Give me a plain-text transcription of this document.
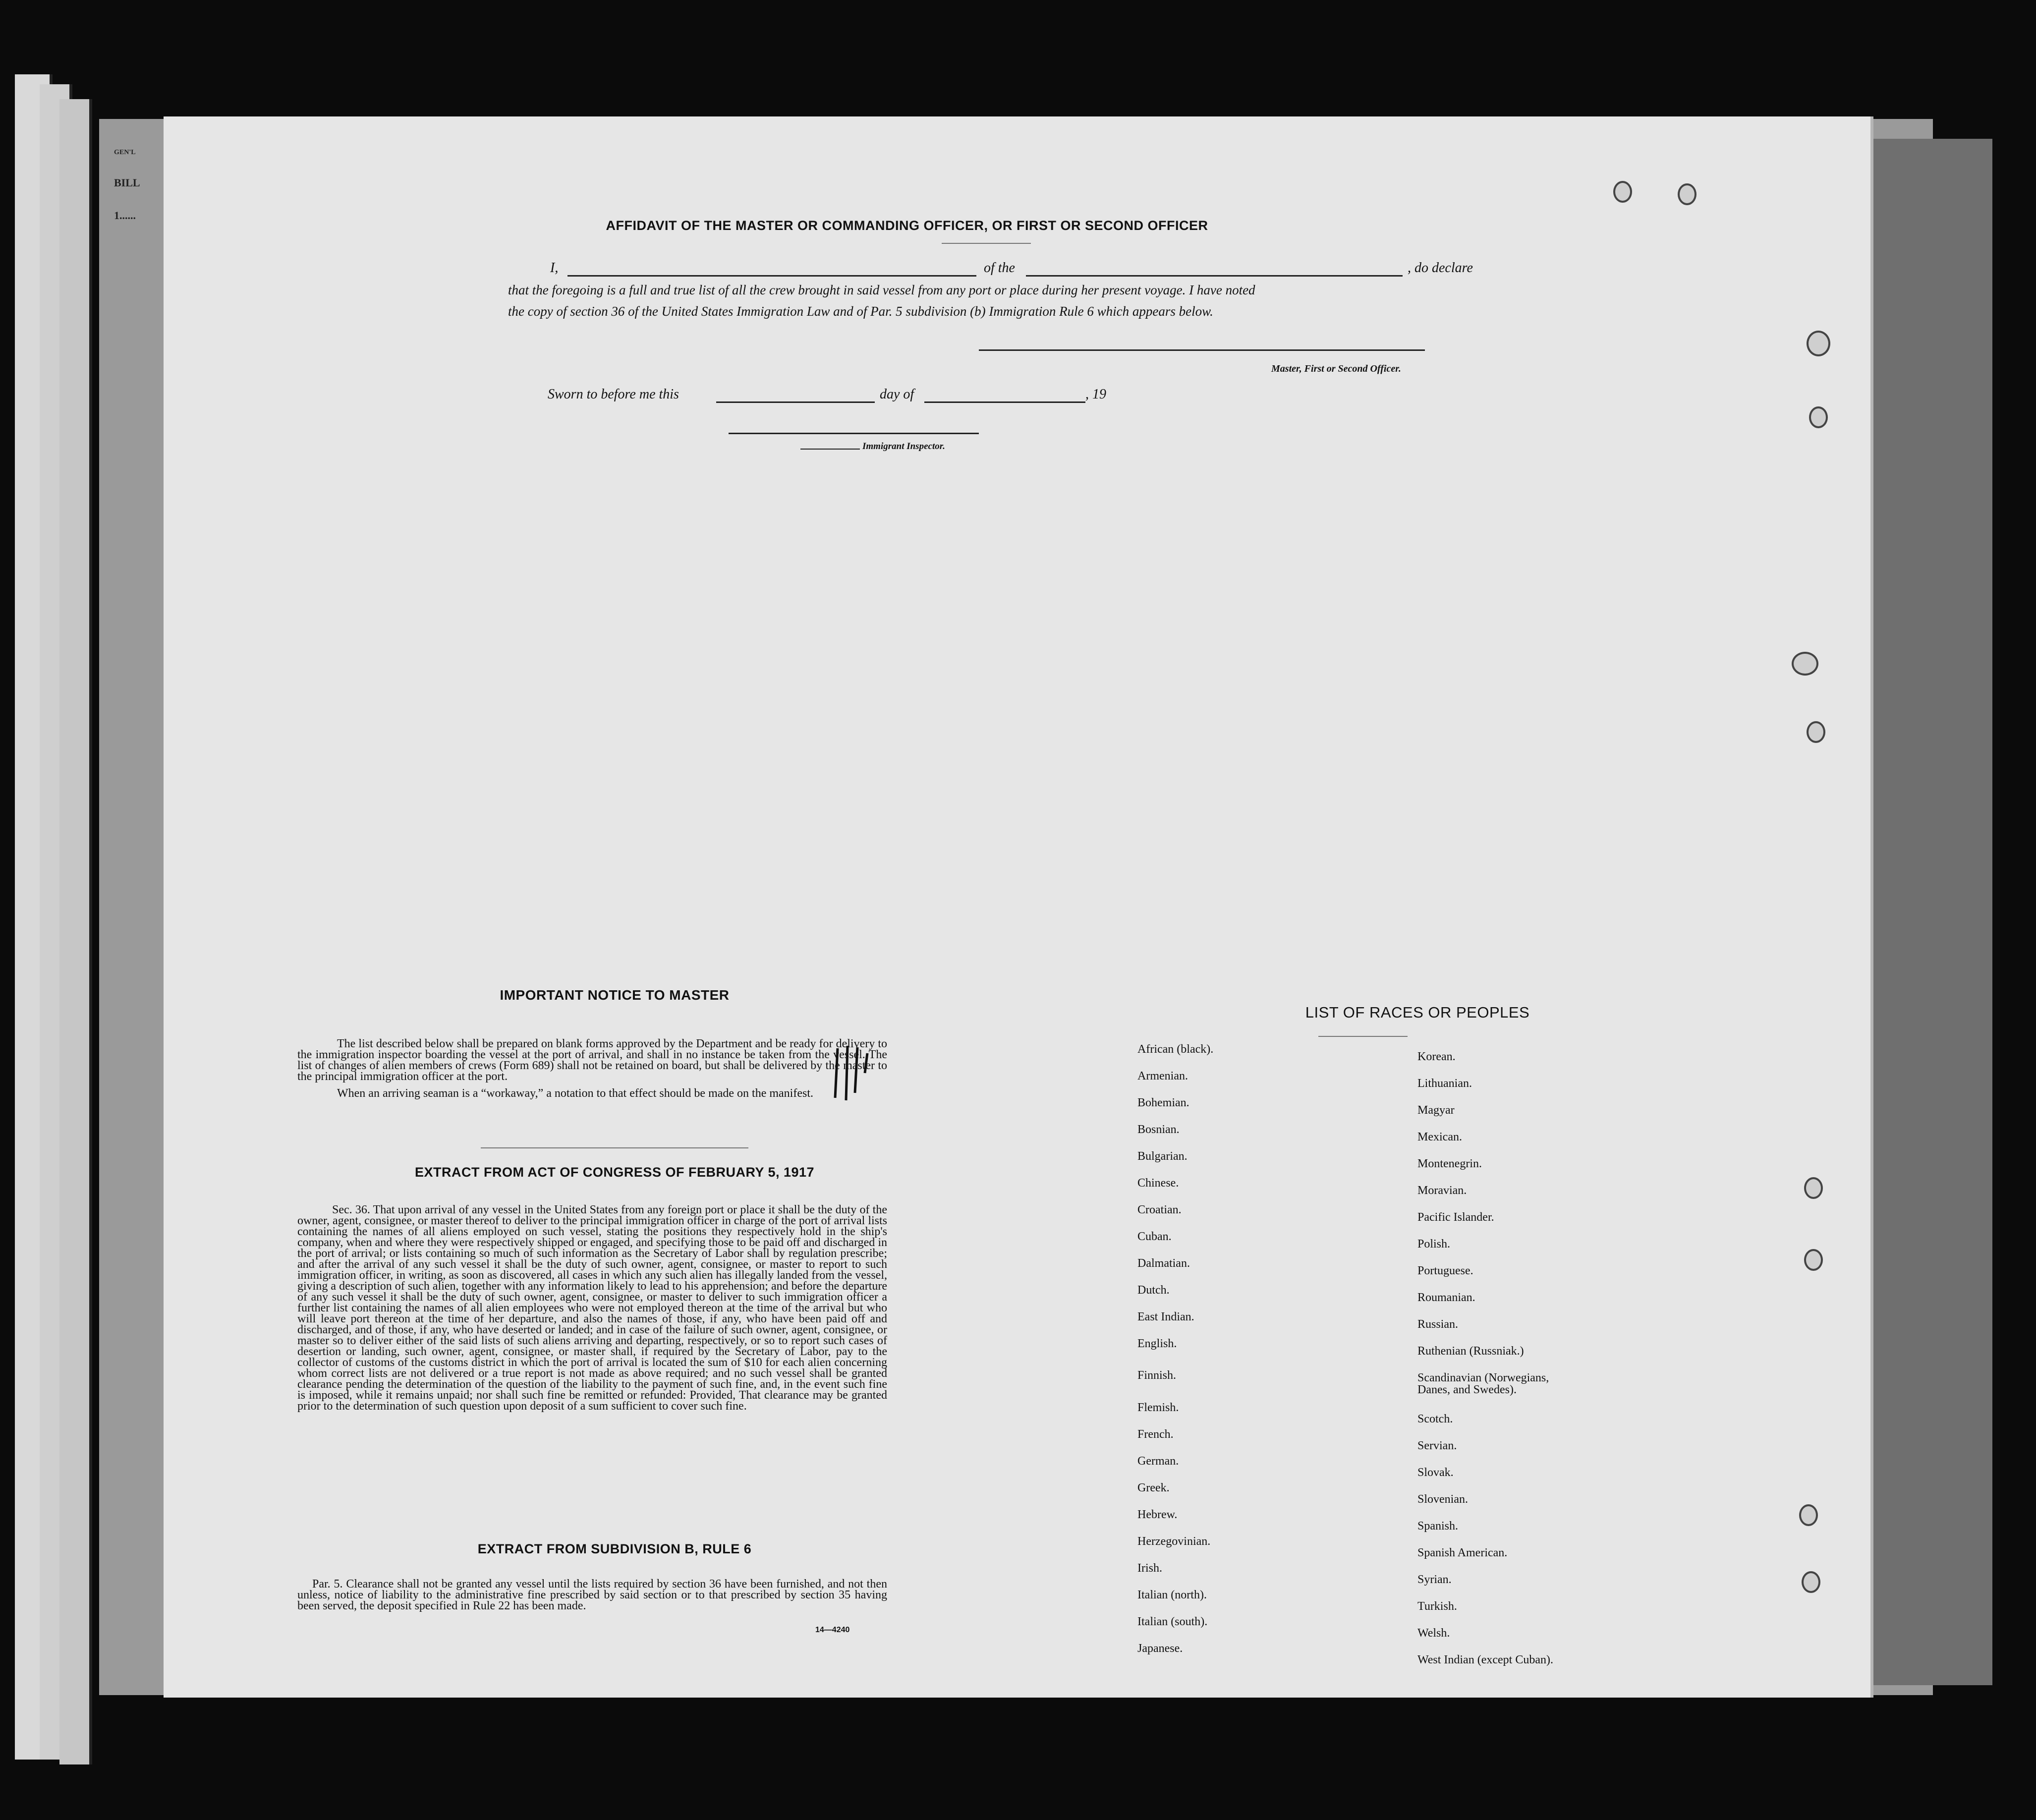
GEN'L
BILL
1......
AFFIDAVIT OF THE MASTER OR COMMANDING OFFICER, OR FIRST OR SECOND OFFICER
I,	of the	, do declare
that the foregoing is a full and true list of all the crew brought in said vessel from any port or place during her present voyage. I have noted
the copy of section 36 of the United States Immigration Law and of Par. 5 subdivision (b) Immigration Rule 6 which appears below.
Master, First or Second Officer.
Sworn to before me this	day of	, 19
Immigrant Inspector.
IMPORTANT NOTICE TO MASTER

The list described below shall be prepared on blank forms approved by the Department and be ready for delivery to the immigration inspector boarding the vessel at the port of arrival, and shall in no instance be taken from the vessel. The list of changes of alien members of crews (Form 689) shall not be retained on board, but shall be delivered by the master to the principal immigration officer at the port.

When an arriving seaman is a “workaway,” a notation to that effect should be made on the manifest.

EXTRACT FROM ACT OF CONGRESS OF FEBRUARY 5, 1917

Sec. 36. That upon arrival of any vessel in the United States from any foreign port or place it shall be the duty of the owner, agent, consignee, or master thereof to deliver to the principal immigration officer in charge of the port of arrival lists containing the names of all aliens employed on such vessel, stating the positions they respectively hold in the ship's company, when and where they were respectively shipped or engaged, and specifying those to be paid off and discharged in the port of arrival; or lists containing so much of such information as the Secretary of Labor shall by regulation prescribe; and after the arrival of any such vessel it shall be the duty of such owner, agent, consignee, or master to report to such immigration officer, in writing, as soon as discovered, all cases in which any such alien has illegally landed from the vessel, giving a description of such alien, together with any information likely to lead to his apprehension; and before the departure of any such vessel it shall be the duty of such owner, agent, consignee, or master to deliver to such immigration officer a further list containing the names of all alien employees who were not employed thereon at the time of the arrival but who will leave port thereon at the time of her departure, and also the names of those, if any, who have been paid off and discharged, and of those, if any, who have deserted or landed; and in case of the failure of such owner, agent, consignee, or master so to deliver either of the said lists of such aliens arriving and departing, respectively, or so to report such cases of desertion or landing, such owner, agent, consignee, or master shall, if required by the Secretary of Labor, pay to the collector of customs of the customs district in which the port of arrival is located the sum of $10 for each alien concerning whom correct lists are not delivered or a true report is not made as above required; and no such vessel shall be granted clearance pending the determination of the question of the liability to the payment of such fine, and, in the event such fine is imposed, while it remains unpaid; nor shall such fine be remitted or refunded: Provided, That clearance may be granted prior to the determination of such question upon deposit of a sum sufficient to cover such fine.

EXTRACT FROM SUBDIVISION B, RULE 6

Par. 5. Clearance shall not be granted any vessel until the lists required by section 36 have been furnished, and not then unless, notice of liability to the administrative fine prescribed by said section or to that prescribed by section 35 having been served, the deposit specified in Rule 22 has been made.

14—4240
LIST OF RACES OR PEOPLES
African (black).
Armenian.
Bohemian.
Bosnian.
Bulgarian.
Chinese.
Croatian.
Cuban.
Dalmatian.
Dutch.
East Indian.
English.
Finnish.
Flemish.
French.
German.
Greek.
Hebrew.
Herzegovinian.
Irish.
Italian (north).
Italian (south).
Japanese.
Korean.
Lithuanian.
Magyar
Mexican.
Montenegrin.
Moravian.
Pacific Islander.
Polish.
Portuguese.
Roumanian.
Russian.
Ruthenian (Russniak.)
Scandinavian (Norwegians,
Danes, and Swedes).
Scotch.
Servian.
Slovak.
Slovenian.
Spanish.
Spanish American.
Syrian.
Turkish.
Welsh.
West Indian (except Cuban).
